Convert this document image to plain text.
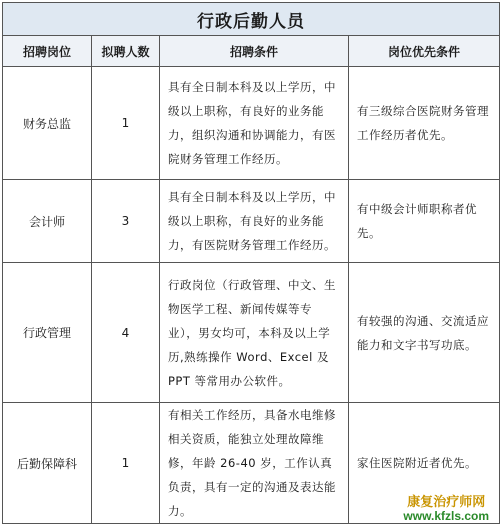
行政后勤人员			
招聘岗位	拟聘人数	招聘条件	岗位优先条件
财务总监	1	具有全日制本科及以上学历，中级以上职称，有良好的业务能力，组织沟通和协调能力，有医院财务管理工作经历。	有三级综合医院财务管理工作经历者优先。
会计师	3	具有全日制本科及以上学历，中级以上职称，有良好的业务能力，有医院财务管理工作经历。	有中级会计师职称者优先。
行政管理	4	行政岗位（行政管理、中文、生物医学工程、新闻传媒等专业），男女均可，本科及以上学历,熟练操作 Word、Excel 及 PPT 等常用办公软件。	有较强的沟通、交流适应能力和文字书写功底。
后勤保障科	1	有相关工作经历，具备水电维修相关资质，能独立处理故障维修，年龄 26-40 岁，工作认真负责，具有一定的沟通及表达能力。	家住医院附近者优先。
康复治疗师网
www.kfzls.com
